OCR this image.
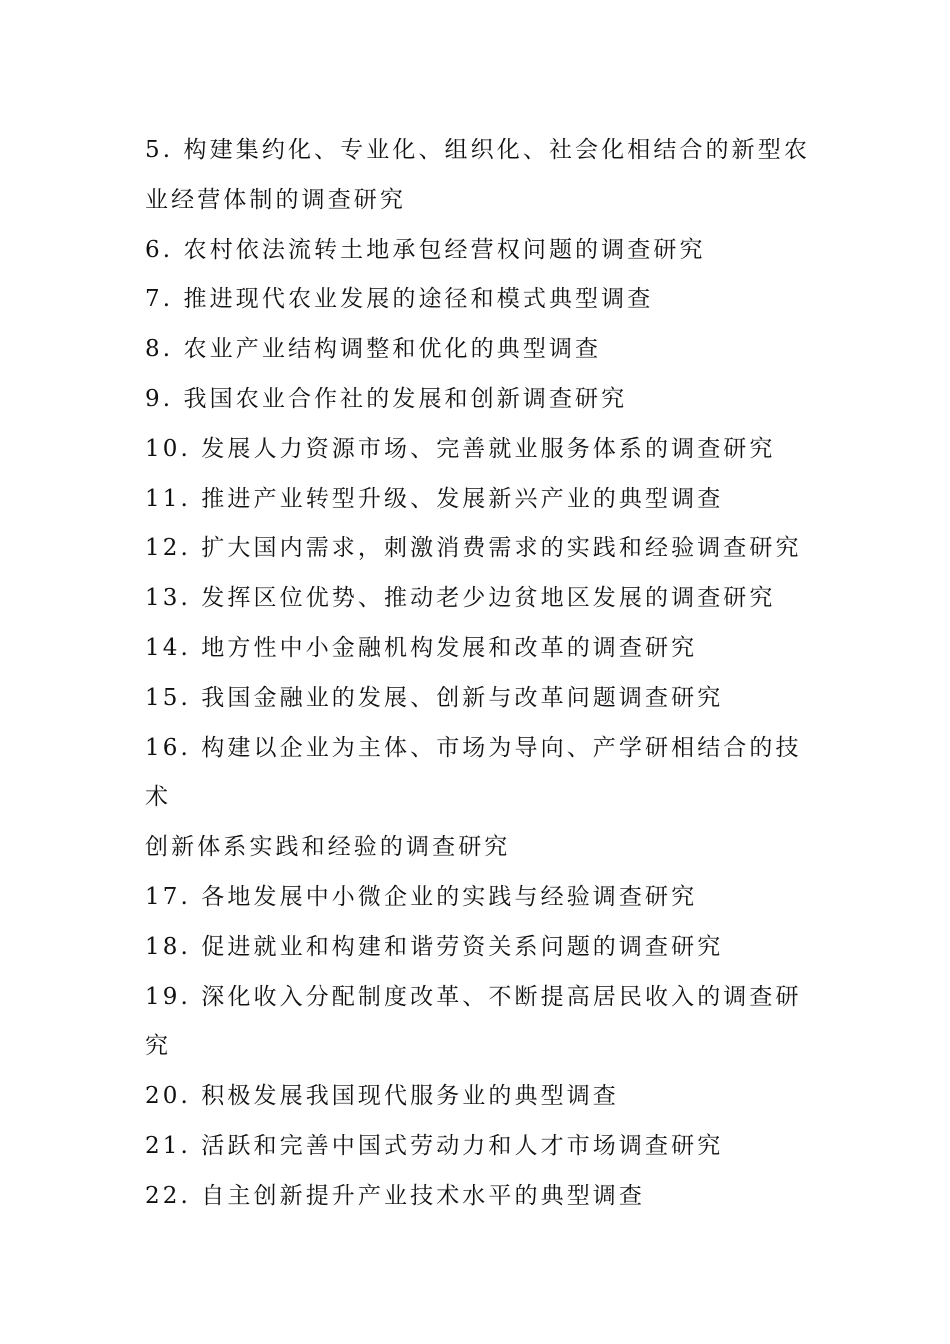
5. 构建集约化、专业化、组织化、社会化相结合的新型农
业经营体制的调查研究
6. 农村依法流转土地承包经营权问题的调查研究
7. 推进现代农业发展的途径和模式典型调查
8. 农业产业结构调整和优化的典型调查
9. 我国农业合作社的发展和创新调查研究
10. 发展人力资源市场、完善就业服务体系的调查研究
11. 推进产业转型升级、发展新兴产业的典型调查
12. 扩大国内需求，刺激消费需求的实践和经验调查研究
13. 发挥区位优势、推动老少边贫地区发展的调查研究
14. 地方性中小金融机构发展和改革的调查研究
15. 我国金融业的发展、创新与改革问题调查研究
16. 构建以企业为主体、市场为导向、产学研相结合的技
术
创新体系实践和经验的调查研究
17. 各地发展中小微企业的实践与经验调查研究
18. 促进就业和构建和谐劳资关系问题的调查研究
19. 深化收入分配制度改革、不断提高居民收入的调查研
究
20. 积极发展我国现代服务业的典型调查
21. 活跃和完善中国式劳动力和人才市场调查研究
22. 自主创新提升产业技术水平的典型调查
